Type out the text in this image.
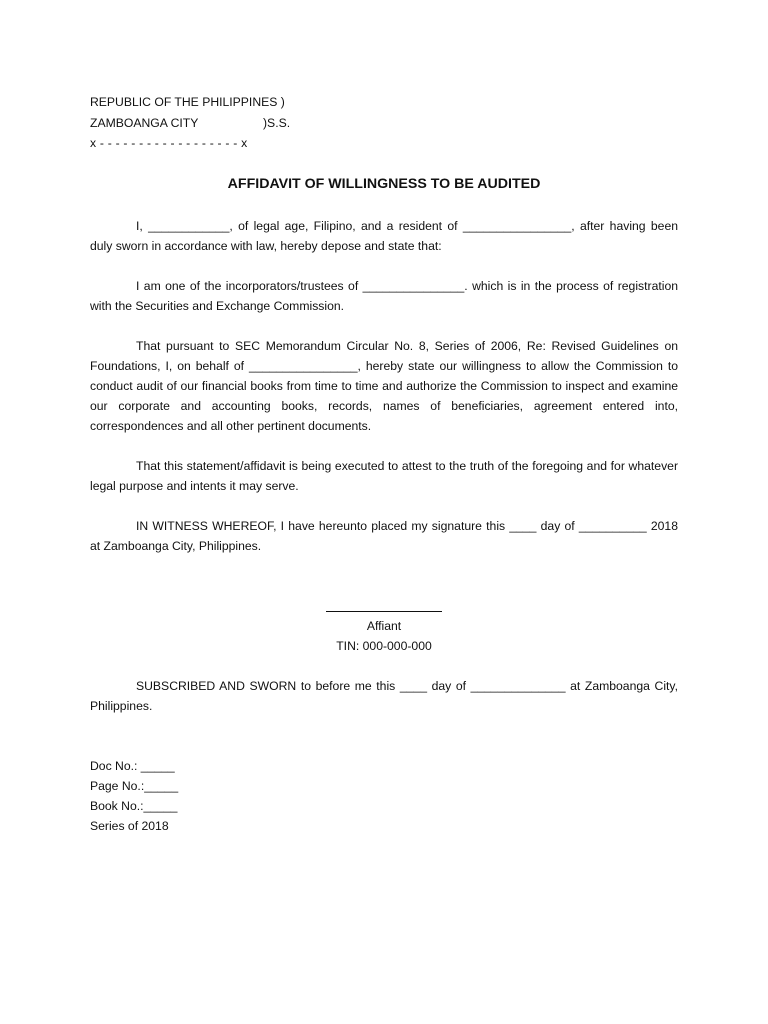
REPUBLIC OF THE PHILIPPINES )
ZAMBOANGA CITY	)S.S.
x - - - - - - - - - - - - - - - - - - x
AFFIDAVIT OF WILLINGNESS TO BE AUDITED

I, ____________, of legal age, Filipino, and a resident of ________________, after having been duly sworn in accordance with law, hereby depose and state that:

I am one of the incorporators/trustees of _______________. which is in the process of registration with the Securities and Exchange Commission.

That pursuant to SEC Memorandum Circular No. 8, Series of 2006, Re: Revised Guidelines on Foundations, I, on behalf of ________________, hereby state our willingness to allow the Commission to conduct audit of our financial books from time to time and authorize the Commission to inspect and examine our corporate and accounting books, records, names of beneficiaries, agreement entered into, correspondences and all other pertinent documents.

That this statement/affidavit is being executed to attest to the truth of the foregoing and for whatever legal purpose and intents it may serve.

IN WITNESS WHEREOF, I have hereunto placed my signature this ____ day of __________ 2018 at Zamboanga City, Philippines.

Affiant
TIN: 000-000-000

SUBSCRIBED AND SWORN to before me this ____ day of ______________ at Zamboanga City, Philippines.

Doc No.: _____
Page No.:_____
Book No.:_____
Series of 2018
